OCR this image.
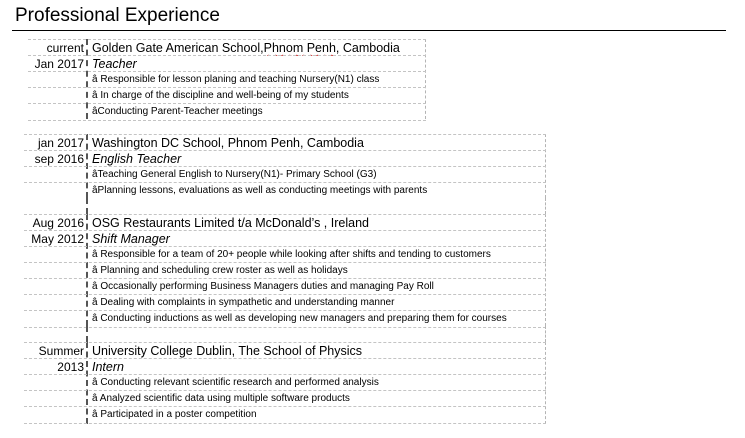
Professional Experience
current Golden Gate American School,Phnom Penh, Cambodia
Jan 2017 Teacher
â Responsible for lesson planing and teaching Nursery(N1) class
â In charge of the discipline and well-being of my students
âConducting Parent-Teacher meetings
jan 2017 Washington DC School, Phnom Penh, Cambodia
sep 2016 English Teacher
âTeaching General English to Nursery(N1)- Primary School (G3)
âPlanning lessons, evaluations as well as conducting meetings with parents
Aug 2016 OSG Restaurants Limited t/a McDonald’s , Ireland
May 2012 Shift Manager
â Responsible for a team of 20+ people while looking after shifts and tending to customers
â Planning and scheduling crew roster as well as holidays
â Occasionally performing Business Managers duties and managing Pay Roll
â Dealing with complaints in sympathetic and understanding manner
â Conducting inductions as well as developing new managers and preparing them for courses
Summer University College Dublin, The School of Physics
2013 Intern
â Conducting relevant scientific research and performed analysis
â Analyzed scientific data using multiple software products
â Participated in a poster competition
